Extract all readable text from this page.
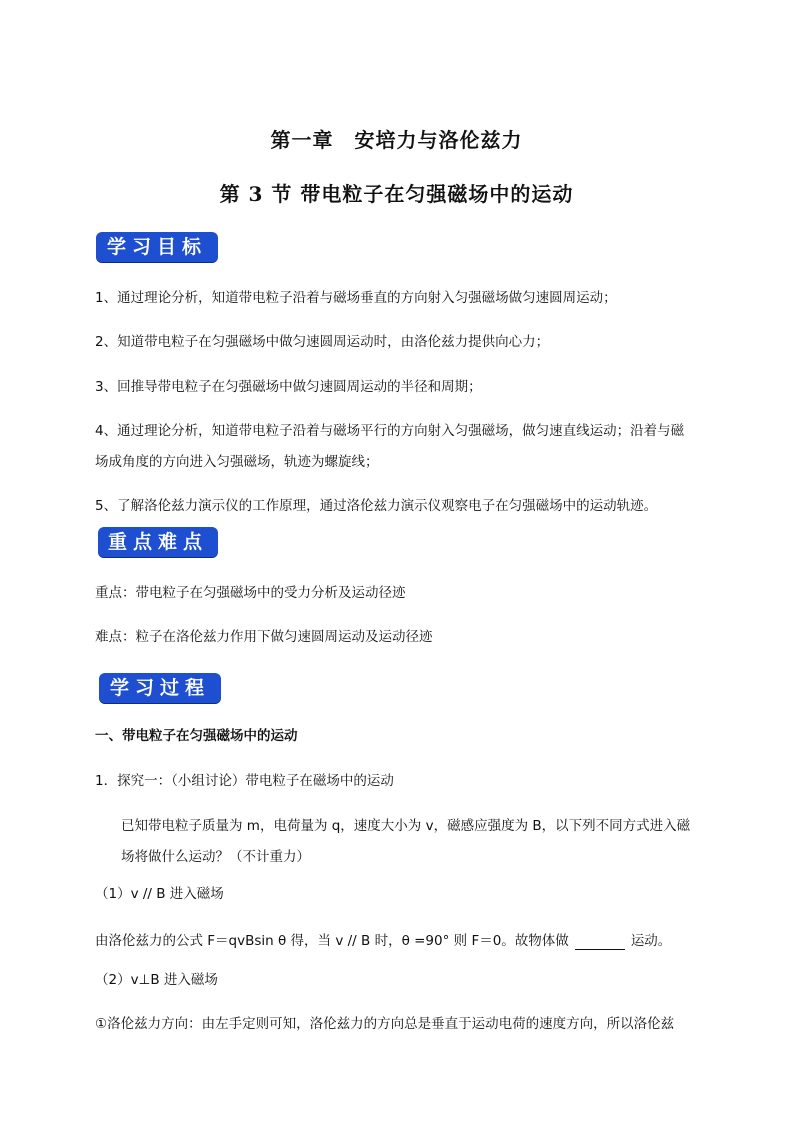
第一章　安培力与洛伦兹力
第 3 节 带电粒子在匀强磁场中的运动
学习目标
1、通过理论分析，知道带电粒子沿着与磁场垂直的方向射入匀强磁场做匀速圆周运动；
2、知道带电粒子在匀强磁场中做匀速圆周运动时，由洛伦兹力提供向心力；
3、回推导带电粒子在匀强磁场中做匀速圆周运动的半径和周期；
4、通过理论分析，知道带电粒子沿着与磁场平行的方向射入匀强磁场，做匀速直线运动；沿着与磁
场成角度的方向进入匀强磁场，轨迹为螺旋线；
5、了解洛伦兹力演示仪的工作原理，通过洛伦兹力演示仪观察电子在匀强磁场中的运动轨迹。
重点难点
重点：带电粒子在匀强磁场中的受力分析及运动径迹
难点：粒子在洛伦兹力作用下做匀速圆周运动及运动径迹
学习过程
一、带电粒子在匀强磁场中的运动
1．探究一：（小组讨论）带电粒子在磁场中的运动
已知带电粒子质量为 m，电荷量为 q，速度大小为 v，磁感应强度为 B，以下列不同方式进入磁
场将做什么运动？（不计重力）
（1）v // B 进入磁场
由洛伦兹力的公式 F＝qvBsin θ 得，当 v // B 时，θ =90° 则 F＝0。故物体做	运动。
（2）v⊥B 进入磁场
①洛伦兹力方向：由左手定则可知，洛伦兹力的方向总是垂直于运动电荷的速度方向，所以洛伦兹
